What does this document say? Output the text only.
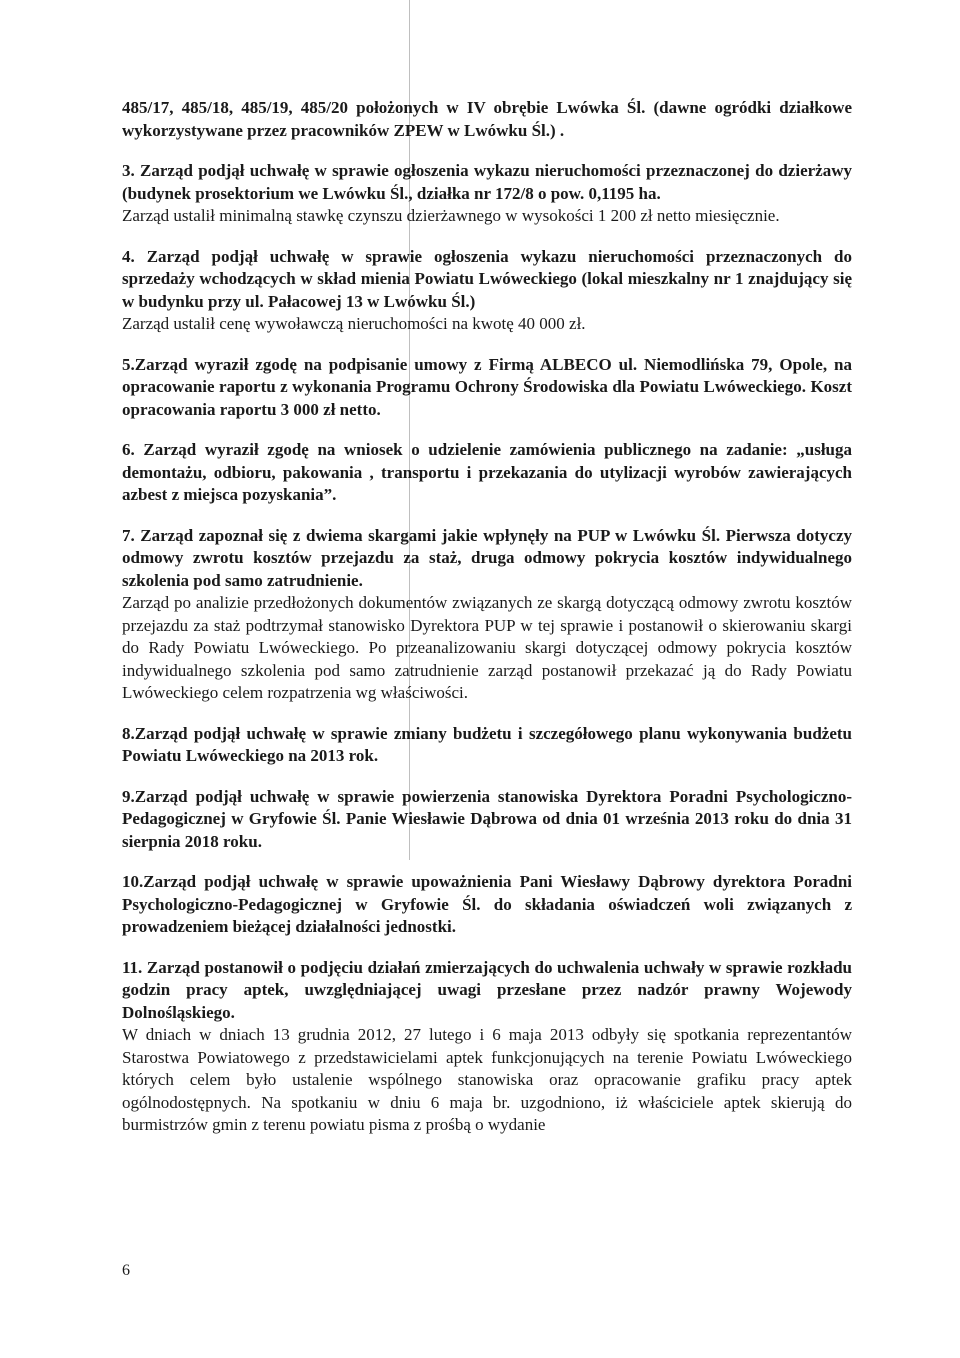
485/17, 485/18, 485/19, 485/20 położonych w IV obrębie Lwówka Śl. (dawne ogródki działkowe wykorzystywane przez pracowników ZPEW w Lwówku Śl.) .

3. Zarząd podjął uchwałę w sprawie ogłoszenia wykazu nieruchomości przeznaczonej do dzierżawy (budynek prosektorium we Lwówku Śl., działka nr 172/8 o pow. 0,1195 ha.

Zarząd ustalił minimalną stawkę czynszu dzierżawnego w wysokości 1 200 zł netto miesięcznie.

4. Zarząd podjął uchwałę w sprawie ogłoszenia wykazu nieruchomości przeznaczonych do sprzedaży wchodzących w skład mienia Powiatu Lwóweckiego (lokal mieszkalny nr 1 znajdujący się w budynku przy ul. Pałacowej 13 w Lwówku Śl.)

Zarząd ustalił cenę wywoławczą nieruchomości na kwotę 40 000 zł.

5.Zarząd wyraził zgodę na podpisanie umowy z Firmą ALBECO ul. Niemodlińska 79, Opole, na opracowanie raportu z wykonania Programu Ochrony Środowiska dla Powiatu Lwóweckiego. Koszt opracowania raportu 3 000 zł netto.

6. Zarząd wyraził zgodę na wniosek o udzielenie zamówienia publicznego na zadanie: „usługa demontażu, odbioru, pakowania , transportu i przekazania do utylizacji wyrobów zawierających azbest z miejsca pozyskania”.

7. Zarząd zapoznał się z dwiema skargami jakie wpłynęły na PUP w Lwówku Śl. Pierwsza dotyczy odmowy zwrotu kosztów przejazdu za staż, druga odmowy pokrycia kosztów indywidualnego szkolenia pod samo zatrudnienie.

Zarząd po analizie przedłożonych dokumentów związanych ze skargą dotyczącą odmowy zwrotu kosztów przejazdu za staż podtrzymał stanowisko Dyrektora PUP w tej sprawie i postanowił o skierowaniu skargi do Rady Powiatu Lwóweckiego. Po przeanalizowaniu skargi dotyczącej odmowy pokrycia kosztów indywidualnego szkolenia pod samo zatrudnienie zarząd postanowił przekazać ją do Rady Powiatu Lwóweckiego celem rozpatrzenia wg właściwości.

8.Zarząd podjął uchwałę w sprawie zmiany budżetu i szczegółowego planu wykonywania budżetu Powiatu Lwóweckiego na 2013 rok.

9.Zarząd podjął uchwałę w sprawie powierzenia stanowiska Dyrektora Poradni Psychologiczno-Pedagogicznej w Gryfowie Śl. Panie Wiesławie Dąbrowa od dnia 01 września 2013 roku do dnia 31 sierpnia 2018 roku.

10.Zarząd podjął uchwałę w sprawie upoważnienia Pani Wiesławy Dąbrowy dyrektora Poradni Psychologiczno-Pedagogicznej w Gryfowie Śl. do składania oświadczeń woli związanych z prowadzeniem bieżącej działalności jednostki.

11. Zarząd postanowił o podjęciu działań zmierzających do uchwalenia uchwały w sprawie rozkładu godzin pracy aptek, uwzględniającej uwagi przesłane przez nadzór prawny Wojewody Dolnośląskiego.

W dniach w dniach 13 grudnia 2012, 27 lutego i 6 maja 2013 odbyły się spotkania reprezentantów Starostwa Powiatowego z przedstawicielami aptek funkcjonujących na terenie Powiatu Lwóweckiego których celem było ustalenie wspólnego stanowiska oraz opracowanie grafiku pracy aptek ogólnodostępnych. Na spotkaniu w dniu 6 maja br. uzgodniono, iż właściciele aptek skierują do burmistrzów gmin z terenu powiatu pisma z prośbą o wydanie

6
